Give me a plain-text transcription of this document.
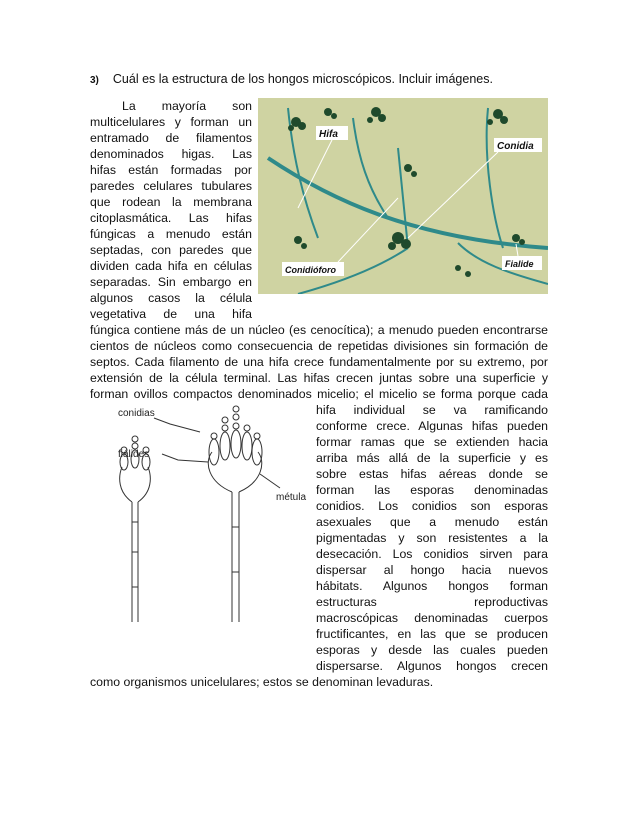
3) Cuál es la estructura de los hongos microscópicos. Incluir imágenes.
La mayoría son
multicelulares y forman un
entramado de filamentos
denominados higas. Las
hifas están formadas por
paredes celulares tubulares
que rodean la membrana
citoplasmática. Las hifas
fúngicas a menudo están
septadas, con paredes que
dividen cada hifa en células
separadas. Sin embargo en
algunos casos la célula
vegetativa de una hifa
fúngica contiene más de un núcleo (es cenocítica); a menudo pueden encontrarse
cientos de núcleos como consecuencia de repetidas divisiones sin formación de
septos. Cada filamento de una hifa crece fundamentalmente por su extremo, por
extensión de la célula terminal. Las hifas crecen juntas sobre una superficie y
forman ovillos compactos denominados micelio; el micelio se forma porque cada
hifa individual se va ramificando
conforme crece. Algunas hifas pueden
formar ramas que se extienden hacia
arriba más allá de la superficie y es
sobre estas hifas aéreas donde se
forman las esporas denominadas
conidios. Los conidios son esporas
asexuales que a menudo están
pigmentadas y son resistentes a la
desecación. Los conidios sirven para
dispersar al hongo hacia nuevos
hábitats. Algunos hongos forman
estructuras reproductivas
macroscópicas denominadas cuerpos
fructificantes, en las que se producen
esporas y desde las cuales pueden
dispersarse. Algunos hongos crecen
como organismos unicelulares; estos se denominan levaduras.
Hifa
Conidia
Conidióforo
Fialide
conidias
fiálides
métula
